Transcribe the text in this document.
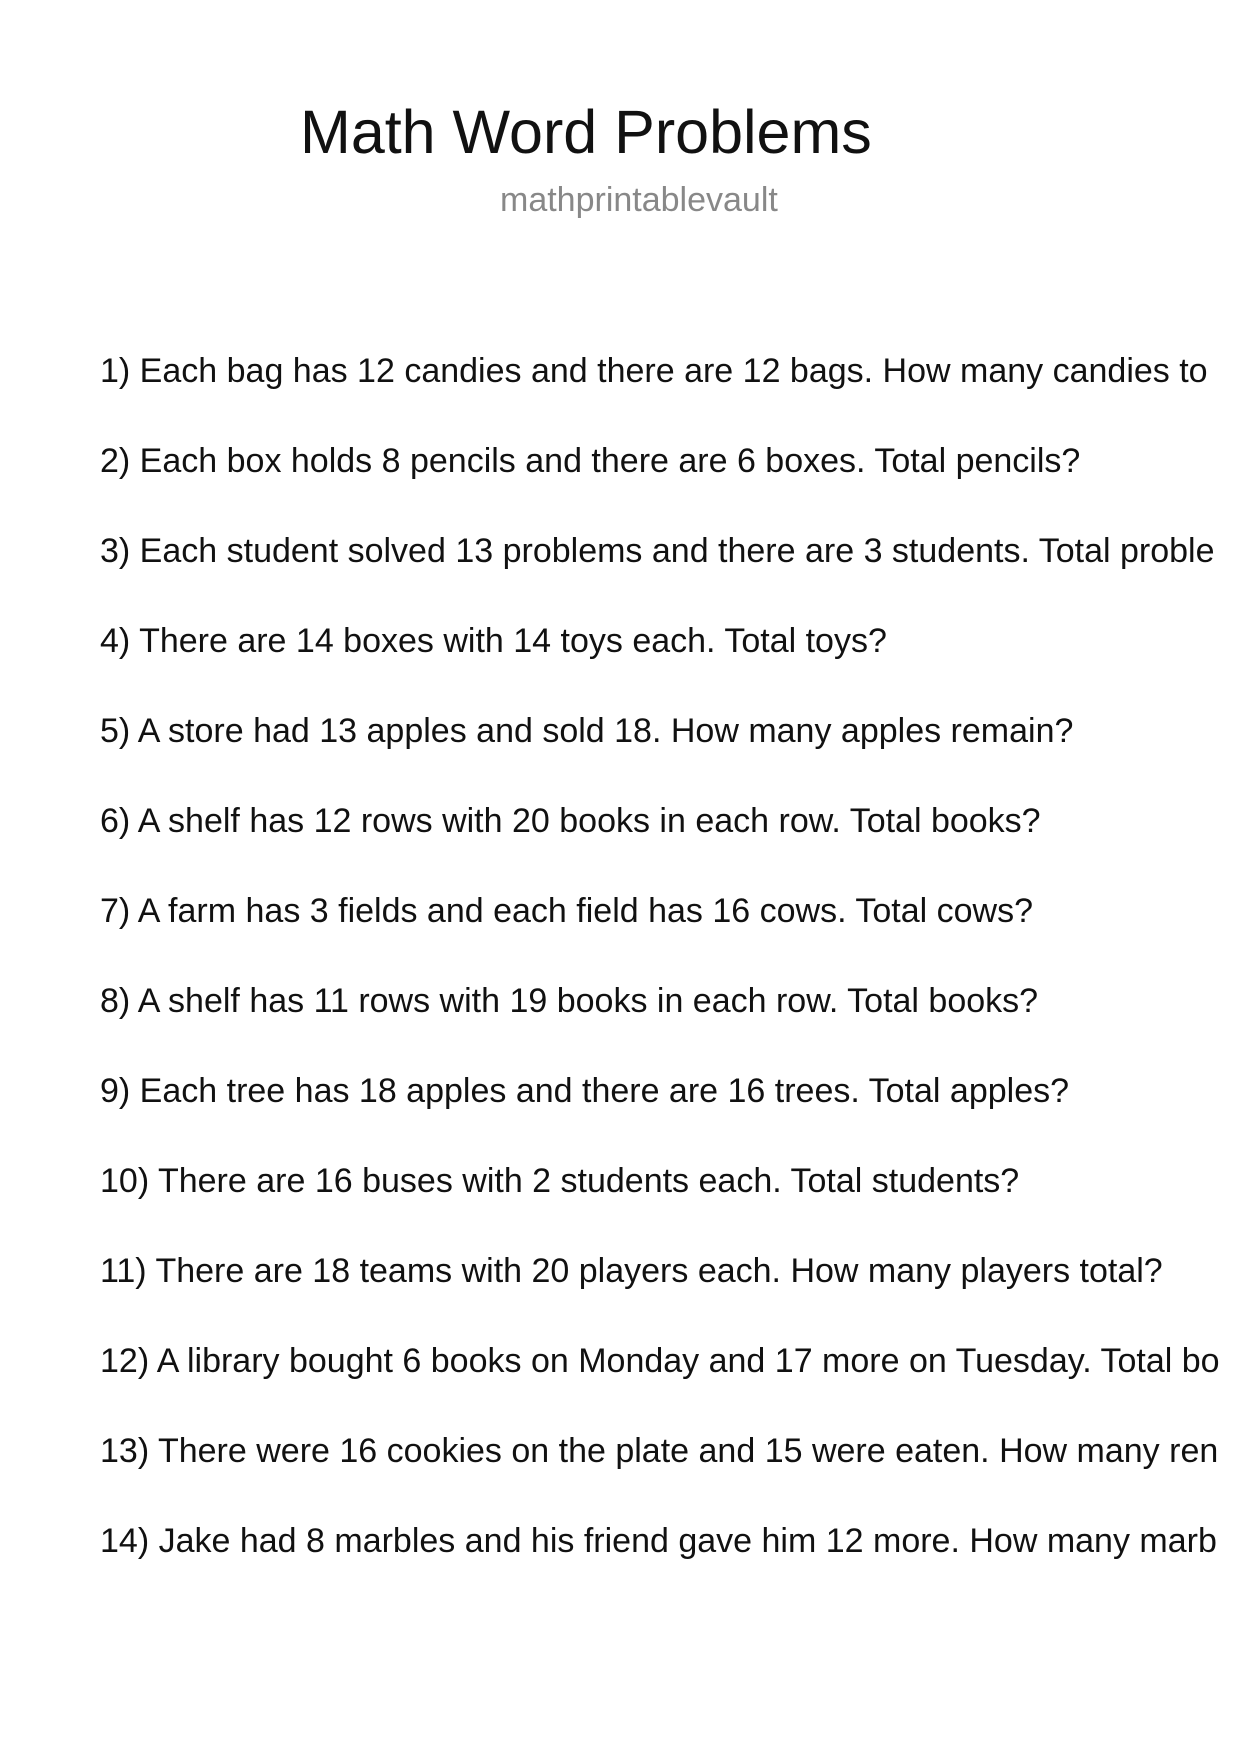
Math Word Problems
mathprintablevault
1) Each bag has 12 candies and there are 12 bags. How many candies to
2) Each box holds 8 pencils and there are 6 boxes. Total pencils?
3) Each student solved 13 problems and there are 3 students. Total proble
4) There are 14 boxes with 14 toys each. Total toys?
5) A store had 13 apples and sold 18. How many apples remain?
6) A shelf has 12 rows with 20 books in each row. Total books?
7) A farm has 3 fields and each field has 16 cows. Total cows?
8) A shelf has 11 rows with 19 books in each row. Total books?
9) Each tree has 18 apples and there are 16 trees. Total apples?
10) There are 16 buses with 2 students each. Total students?
11) There are 18 teams with 20 players each. How many players total?
12) A library bought 6 books on Monday and 17 more on Tuesday. Total bo
13) There were 16 cookies on the plate and 15 were eaten. How many ren
14) Jake had 8 marbles and his friend gave him 12 more. How many marb
